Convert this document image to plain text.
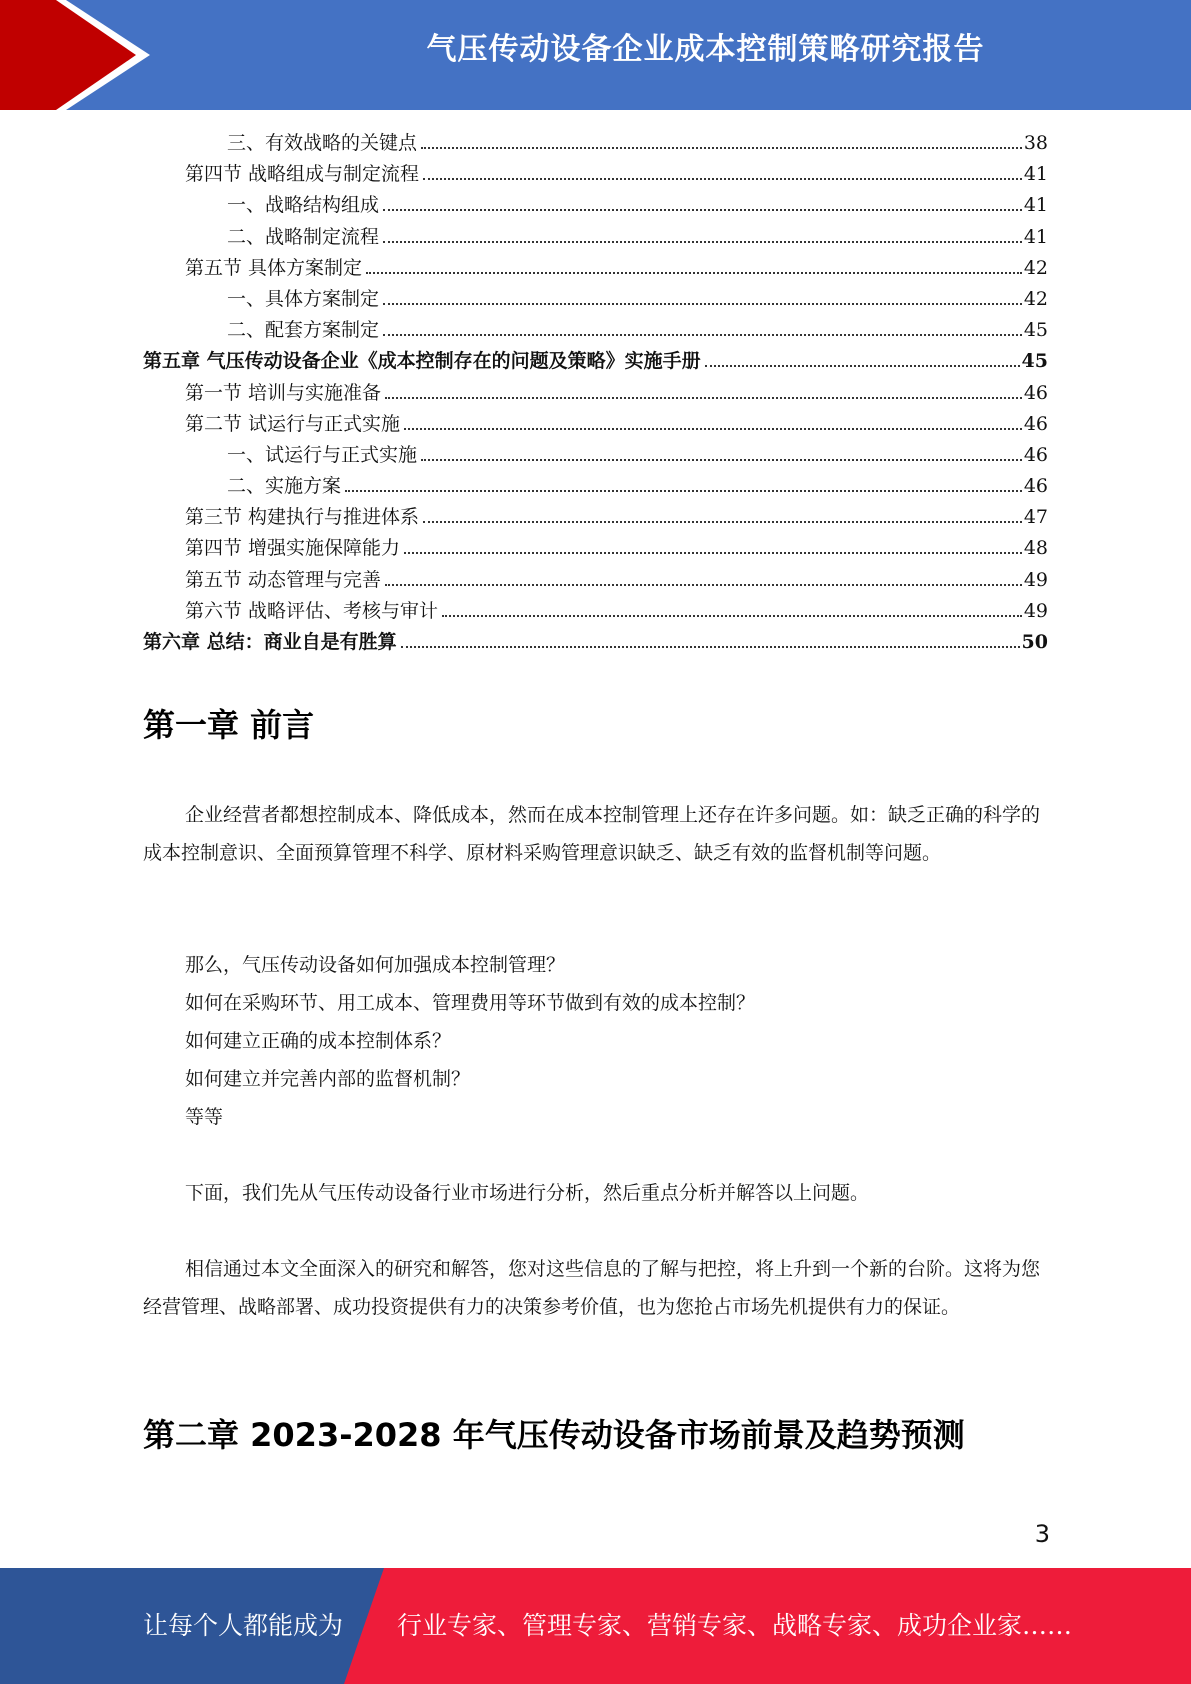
气压传动设备企业成本控制策略研究报告
三、有效战略的关键点	38
第四节 战略组成与制定流程	41
一、战略结构组成	41
二、战略制定流程	41
第五节 具体方案制定	42
一、具体方案制定	42
二、配套方案制定	45
第五章 气压传动设备企业《成本控制存在的问题及策略》实施手册	45
第一节 培训与实施准备	46
第二节 试运行与正式实施	46
一、试运行与正式实施	46
二、实施方案	46
第三节 构建执行与推进体系	47
第四节 增强实施保障能力	48
第五节 动态管理与完善	49
第六节 战略评估、考核与审计	49
第六章 总结：商业自是有胜算	50
第一章 前言

企业经营者都想控制成本、降低成本，然而在成本控制管理上还存在许多问题。如：缺乏正确的科学的成本控制意识、全面预算管理不科学、原材料采购管理意识缺乏、缺乏有效的监督机制等问题。

那么，气压传动设备如何加强成本控制管理？
如何在采购环节、用工成本、管理费用等环节做到有效的成本控制？
如何建立正确的成本控制体系？
如何建立并完善内部的监督机制？
等等

下面，我们先从气压传动设备行业市场进行分析，然后重点分析并解答以上问题。

相信通过本文全面深入的研究和解答，您对这些信息的了解与把控，将上升到一个新的台阶。这将为您经营管理、战略部署、成功投资提供有力的决策参考价值，也为您抢占市场先机提供有力的保证。

第二章 2023-2028 年气压传动设备市场前景及趋势预测
3
让每个人都能成为 行业专家、管理专家、营销专家、战略专家、成功企业家……
